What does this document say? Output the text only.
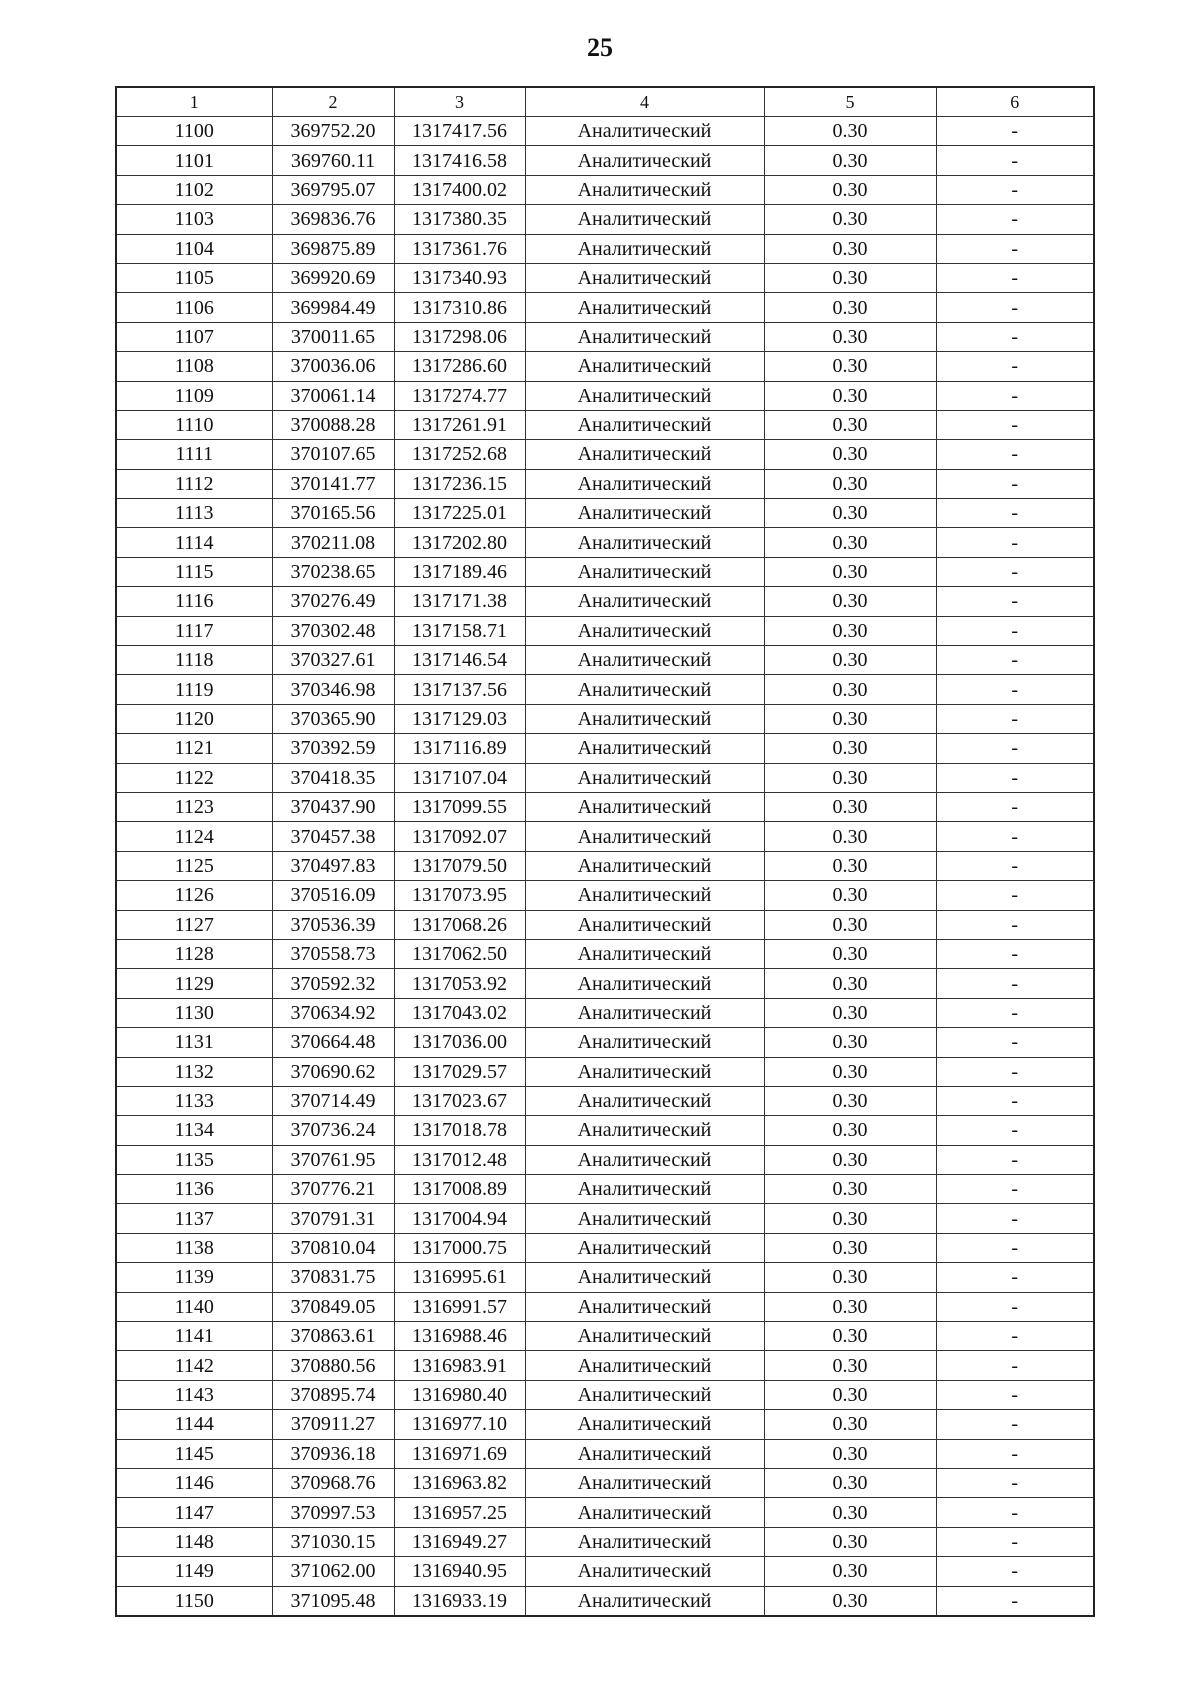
25
1	2	3	4	5	6
1100	369752.20	1317417.56	Аналитический	0.30	-
1101	369760.11	1317416.58	Аналитический	0.30	-
1102	369795.07	1317400.02	Аналитический	0.30	-
1103	369836.76	1317380.35	Аналитический	0.30	-
1104	369875.89	1317361.76	Аналитический	0.30	-
1105	369920.69	1317340.93	Аналитический	0.30	-
1106	369984.49	1317310.86	Аналитический	0.30	-
1107	370011.65	1317298.06	Аналитический	0.30	-
1108	370036.06	1317286.60	Аналитический	0.30	-
1109	370061.14	1317274.77	Аналитический	0.30	-
1110	370088.28	1317261.91	Аналитический	0.30	-
1111	370107.65	1317252.68	Аналитический	0.30	-
1112	370141.77	1317236.15	Аналитический	0.30	-
1113	370165.56	1317225.01	Аналитический	0.30	-
1114	370211.08	1317202.80	Аналитический	0.30	-
1115	370238.65	1317189.46	Аналитический	0.30	-
1116	370276.49	1317171.38	Аналитический	0.30	-
1117	370302.48	1317158.71	Аналитический	0.30	-
1118	370327.61	1317146.54	Аналитический	0.30	-
1119	370346.98	1317137.56	Аналитический	0.30	-
1120	370365.90	1317129.03	Аналитический	0.30	-
1121	370392.59	1317116.89	Аналитический	0.30	-
1122	370418.35	1317107.04	Аналитический	0.30	-
1123	370437.90	1317099.55	Аналитический	0.30	-
1124	370457.38	1317092.07	Аналитический	0.30	-
1125	370497.83	1317079.50	Аналитический	0.30	-
1126	370516.09	1317073.95	Аналитический	0.30	-
1127	370536.39	1317068.26	Аналитический	0.30	-
1128	370558.73	1317062.50	Аналитический	0.30	-
1129	370592.32	1317053.92	Аналитический	0.30	-
1130	370634.92	1317043.02	Аналитический	0.30	-
1131	370664.48	1317036.00	Аналитический	0.30	-
1132	370690.62	1317029.57	Аналитический	0.30	-
1133	370714.49	1317023.67	Аналитический	0.30	-
1134	370736.24	1317018.78	Аналитический	0.30	-
1135	370761.95	1317012.48	Аналитический	0.30	-
1136	370776.21	1317008.89	Аналитический	0.30	-
1137	370791.31	1317004.94	Аналитический	0.30	-
1138	370810.04	1317000.75	Аналитический	0.30	-
1139	370831.75	1316995.61	Аналитический	0.30	-
1140	370849.05	1316991.57	Аналитический	0.30	-
1141	370863.61	1316988.46	Аналитический	0.30	-
1142	370880.56	1316983.91	Аналитический	0.30	-
1143	370895.74	1316980.40	Аналитический	0.30	-
1144	370911.27	1316977.10	Аналитический	0.30	-
1145	370936.18	1316971.69	Аналитический	0.30	-
1146	370968.76	1316963.82	Аналитический	0.30	-
1147	370997.53	1316957.25	Аналитический	0.30	-
1148	371030.15	1316949.27	Аналитический	0.30	-
1149	371062.00	1316940.95	Аналитический	0.30	-
1150	371095.48	1316933.19	Аналитический	0.30	-
